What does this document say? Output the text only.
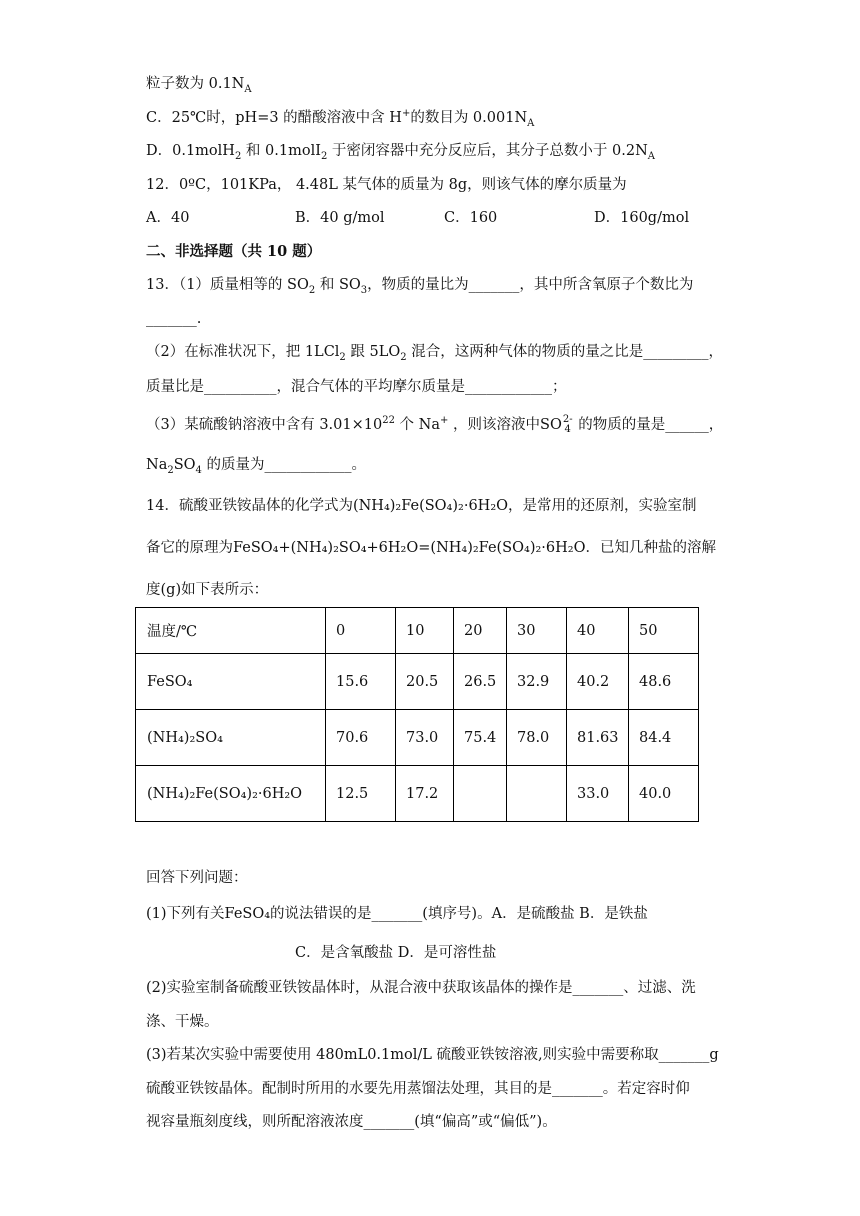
粒子数为 $0.1N_A$
C．25℃时，pH=3 的醋酸溶液中含 H+的数目为 $0.001N_A$
D．0.1molH$_2$ 和 0.1molI$_2$ 于密闭容器中充分反应后，其分子总数小于 $0.2N_A$
12．0ºC，101KPa， 4.48L 某气体的质量为 8g，则该气体的摩尔质量为
A．40	B．40 g/mol	C．160	D．160g/mol
二、非选择题（共 10 题）
13．（1）质量相等的 $SO_2$ 和 $SO_3$，物质的量比为_______，其中所含氧原子个数比为
_______.
（2）在标准状况下，把 1LCl$_2$ 跟 $5LO_2$ 混合，这两种气体的物质的量之比是_________，
质量比是__________，混合气体的平均摩尔质量是____________；
（3）某硫酸钠溶液中含有 $3.01\times 10^{22}$ 个 Na+ ，则该溶液中SO 2-
4 的物质的量是______，
$Na_2SO_4$ 的质量为____________。
14．硫酸亚铁铵晶体的化学式为(NH₄)₂Fe(SO₄)₂·6H₂O，是常用的还原剂，实验室制
备它的原理为FeSO₄+(NH₄)₂SO₄+6H₂O=(NH₄)₂Fe(SO₄)₂·6H₂O．已知几种盐的溶解
度(g)如下表所示：
温度/℃	0	10	20	30	40	50
FeSO₄	15.6	20.5	26.5	32.9	40.2	48.6
(NH₄)₂SO₄	70.6	73.0	75.4	78.0	81.63	84.4
(NH₄)₂Fe(SO₄)₂·6H₂O	12.5	17.2			33.0	40.0
回答下列问题：
(1)下列有关FeSO₄的说法错误的是_______(填序号)。A．是硫酸盐 B．是铁盐
C．是含氧酸盐 D．是可溶性盐
(2)实验室制备硫酸亚铁铵晶体时，从混合液中获取该晶体的操作是_______、过滤、洗
涤、干燥。
(3)若某次实验中需要使用 480mL0.1mol/L 硫酸亚铁铵溶液,则实验中需要称取_______g
硫酸亚铁铵晶体。配制时所用的水要先用蒸馏法处理，其目的是_______。若定容时仰
视容量瓶刻度线，则所配溶液浓度_______(填“偏高”或“偏低”)。
